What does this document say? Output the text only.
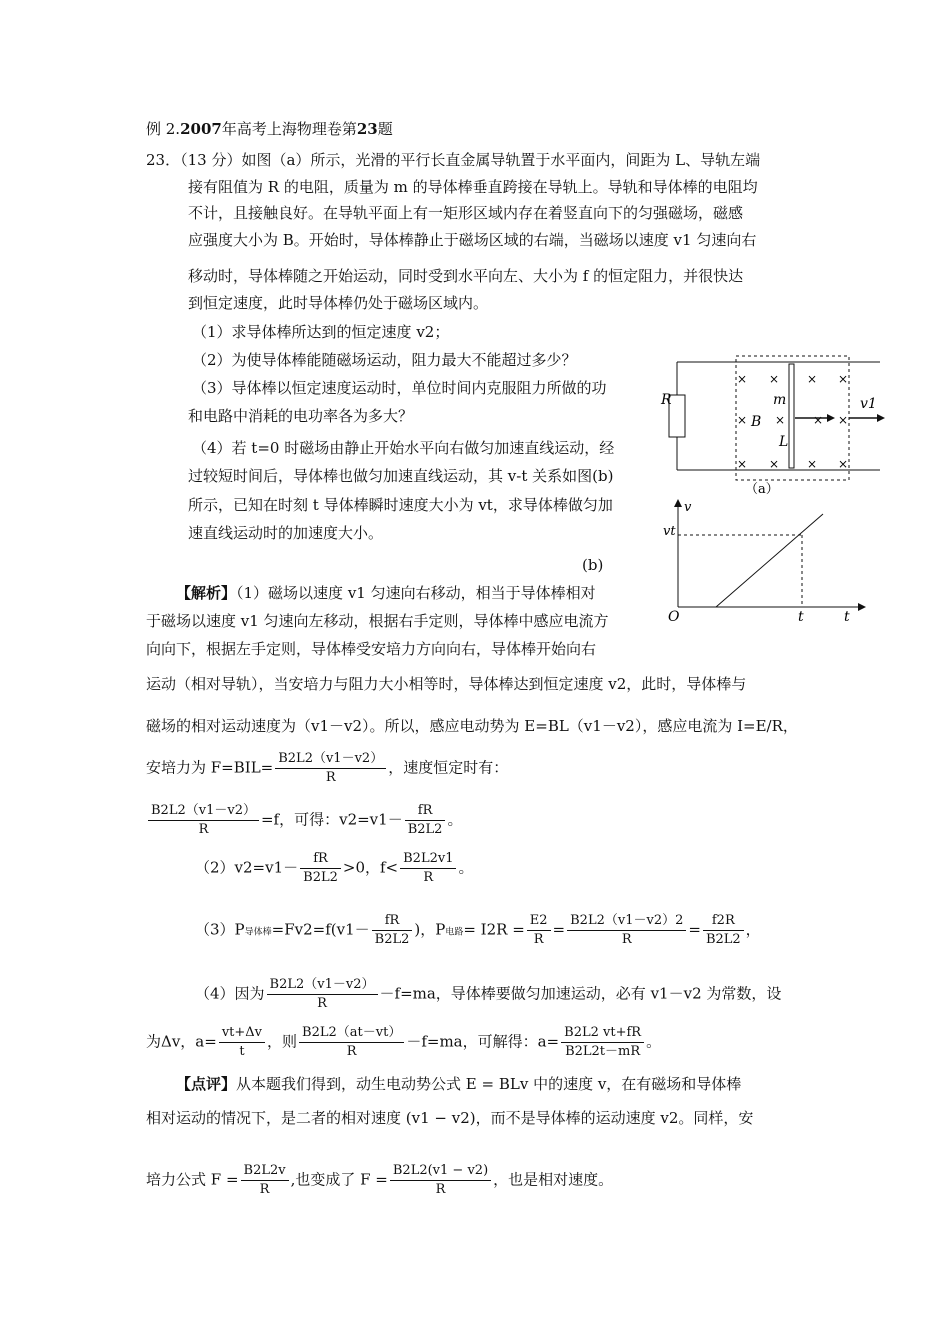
例 2.2007年高考上海物理卷第23题
23．（13 分）如图（a）所示，光滑的平行长直金属导轨置于水平面内，间距为 L、导轨左端
接有阻值为 R 的电阻，质量为 m 的导体棒垂直跨接在导轨上。导轨和导体棒的电阻均
不计，且接触良好。在导轨平面上有一矩形区域内存在着竖直向下的匀强磁场，磁感
应强度大小为 B。开始时，导体棒静止于磁场区域的右端，当磁场以速度 v1 匀速向右
移动时，导体棒随之开始运动，同时受到水平向左、大小为 f 的恒定阻力，并很快达
到恒定速度，此时导体棒仍处于磁场区域内。
（1）求导体棒所达到的恒定速度 v2；
（2）为使导体棒能随磁场运动，阻力最大不能超过多少？
（3）导体棒以恒定速度运动时，单位时间内克服阻力所做的功
和电路中消耗的电功率各为多大？
（4）若 t=0 时磁场由静止开始水平向右做匀加速直线运动，经
过较短时间后，导体棒也做匀加速直线运动，其 v-t 关系如图(b)
所示，已知在时刻 t 导体棒瞬时速度大小为 vt，求导体棒做匀加
速直线运动时的加速度大小。
(b)
× × × ×
× × × ×
× × × ×
R	m
B
L
v1
（a）
v
vt
O	t	t
【解析】（1）磁场以速度 v1 匀速向右移动，相当于导体棒相对
于磁场以速度 v1 匀速向左移动，根据右手定则，导体棒中感应电流方
向向下，根据左手定则，导体棒受安培力方向向右，导体棒开始向右
运动（相对导轨），当安培力与阻力大小相等时，导体棒达到恒定速度 v2，此时，导体棒与
磁场的相对运动速度为（v1－v2）。所以，感应电动势为 E=BL（v1－v2），感应电流为 I=E/R，
安培力为 $F=BIL= \frac{B2L2(v1-v2)}{R}$ ，速度恒定时有：
$\frac{B2L2(v1-v2)}{R} =f$，可得：$v2=v1- \frac{fR}{B2L2}$ 。
$(2)v2=v1- \frac{fR}{B2L2} >0$，$f< \frac{B2L2v1}{R}$ 。
（3）P导体棒$=Fv2=f(v1- \frac{fR}{B2L2}$ )，P电路= $I2R = \frac{E2}{R} = \frac{B2L2(v1-v2)2}{R} = \frac{f2R}{B2L2}$ ，
（4）因为 $\frac{B2L2(v1-v2)}{R} -f=ma$，导体棒要做匀加速运动，必有 v1－v2 为常数，设
为Δv，$a= \frac{vt+\Delta v}{t}$ ，则 $\frac{B2L2(at-vt)}{R} -f=ma$，可解得：$a= \frac{B2L2 vt+fR}{B2L2t-mR}$ 。
【点评】从本题我们得到，动生电动势公式 E = BLv 中的速度 v，在有磁场和导体棒
相对运动的情况下，是二者的相对速度 (v1 − v2)，而不是导体棒的运动速度 v2。同样，安
培力公式 $F = \frac{B2L2v}{R}$ ,也变成了 $F = \frac{B2L2(v1 - v2)}{R}$ ，也是相对速度。
